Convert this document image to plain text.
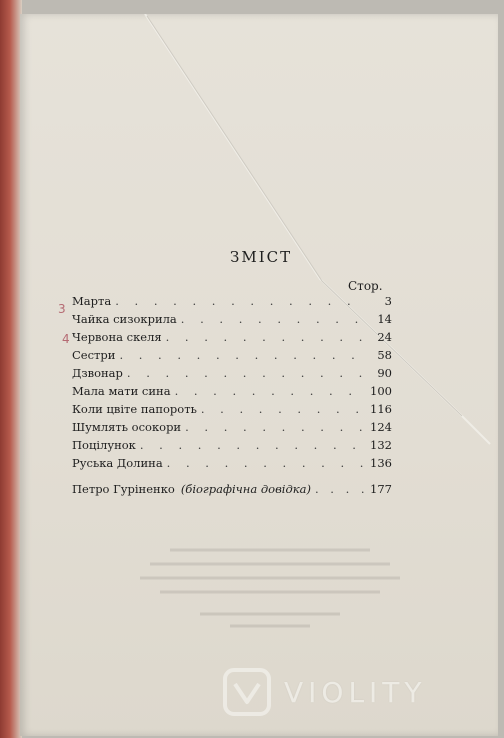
ЗМІСТ
Стор.
Марта . . .	3
Чайка сизокрила . . .	14
Червона скеля . . .	24
Сестри . . .	58
Дзвонар . . .	90
Мала мати сина . . .	100
Коли цвіте папороть . . .	116
Шумлять осокори . . .	124
Поцілунок . . .	132
Руська Долина . . .	136
Петро Гуріненко (біографічна довідка) . . .	177
3
4
VIOLITY
